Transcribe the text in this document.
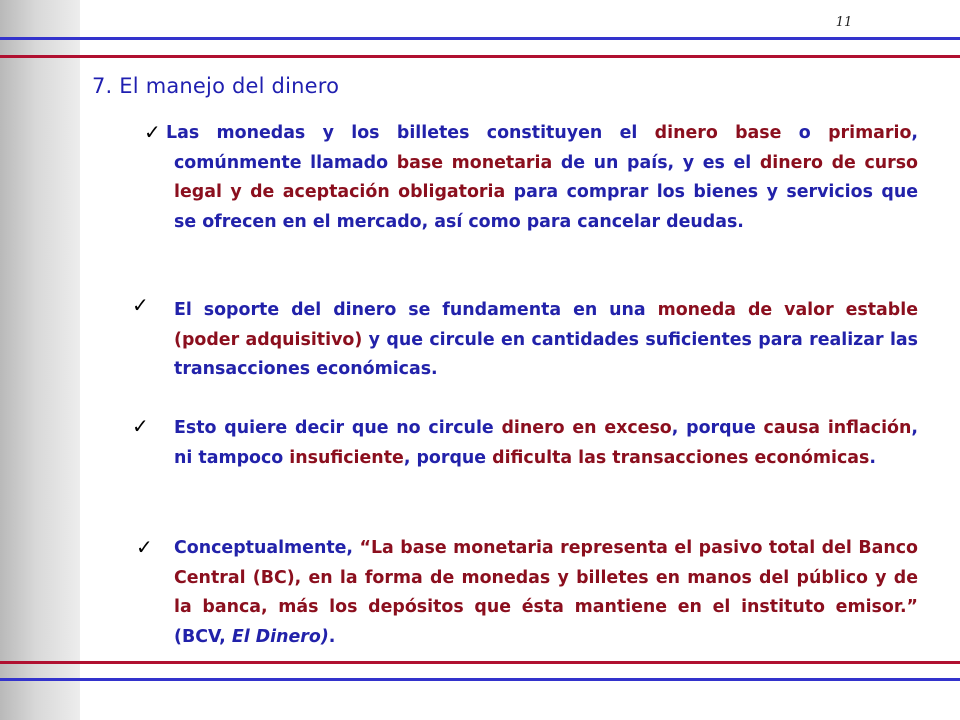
11
7. El manejo del dinero
✓ Las monedas y los billetes constituyen el dinero base o primario, comúnmente llamado base monetaria de un país, y es el dinero de curso legal y de aceptación obligatoria para comprar los bienes y servicios que se ofrecen en el mercado, así como para cancelar deudas.

✓ El soporte del dinero se fundamenta en una moneda de valor estable (poder adquisitivo) y que circule en cantidades suficientes para realizar las transacciones económicas.

✓ Esto quiere decir que no circule dinero en exceso, porque causa inflación, ni tampoco insuficiente, porque dificulta las transacciones económicas.

✓ Conceptualmente, “La base monetaria representa el pasivo total del Banco Central (BC), en la forma de monedas y billetes en manos del público y de la banca, más los depósitos que ésta mantiene en el instituto emisor.” (BCV, El Dinero).
